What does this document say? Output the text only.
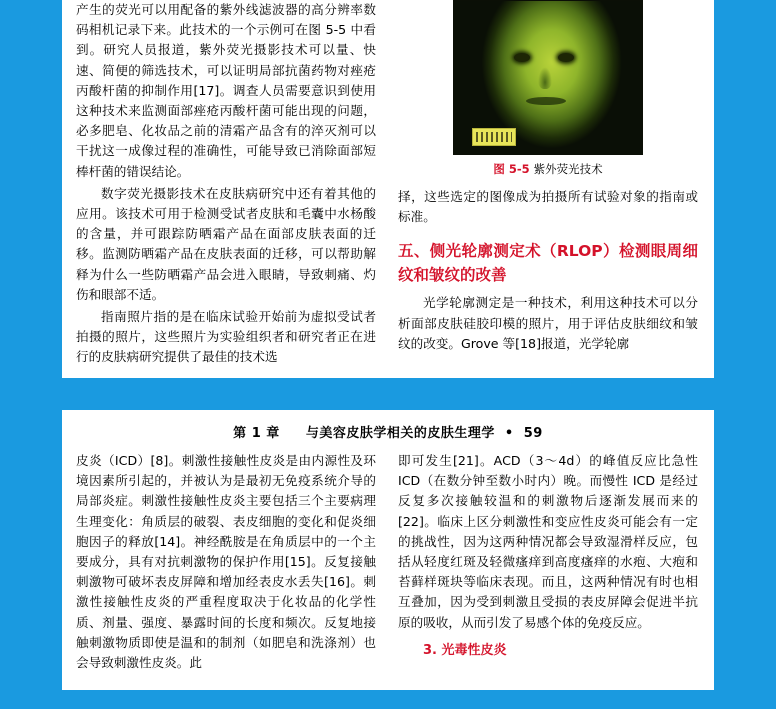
产生的荧光可以用配备的紫外线滤波器的高分辨率数码相机记录下来。此技术的一个示例可在图 5-5 中看到。研究人员报道，紫外荧光摄影技术可以量、快速、简便的筛选技术，可以证明局部抗菌药物对痤疮丙酸杆菌的抑制作用[17]。调查人员需要意识到使用这种技术来监测面部痤疮丙酸杆菌可能出现的问题，必多肥皂、化妆品之前的清霜产品含有的淬灭剂可以干扰这一成像过程的准确性，可能导致已消除面部短棒杆菌的错误结论。

数字荧光摄影技术在皮肤病研究中还有着其他的应用。该技术可用于检测受试者皮肤和毛囊中水杨酸的含量，并可跟踪防晒霜产品在面部皮肤表面的迁移。监测防晒霜产品在皮肤表面的迁移，可以帮助解释为什么一些防晒霜产品会进入眼睛，导致刺痛、灼伤和眼部不适。

指南照片指的是在临床试验开始前为虚拟受试者拍摄的照片，这些照片为实验组织者和研究者正在进行的皮肤病研究提供了最佳的技术选

图 5-5 紫外荧光技术

择，这些选定的图像成为拍摄所有试验对象的指南或标准。

五、侧光轮廓测定术（RLOP）检测眼周细纹和皱纹的改善

光学轮廓测定是一种技术，利用这种技术可以分析面部皮肤硅胶印模的照片，用于评估皮肤细纹和皱纹的改变。Grove 等[18]报道，光学轮廓

第 1 章 与美容皮肤学相关的皮肤生理学 • 59

皮炎（ICD）[8]。刺激性接触性皮炎是由内源性及环境因素所引起的，并被认为是最初无免疫系统介导的局部炎症。刺激性接触性皮炎主要包括三个主要病理生理变化：角质层的破裂、表皮细胞的变化和促炎细胞因子的释放[14]。神经酰胺是在角质层中的一个主要成分，具有对抗刺激物的保护作用[15]。反复接触刺激物可破坏表皮屏障和增加经表皮水丢失[16]。刺激性接触性皮炎的严重程度取决于化妆品的化学性质、剂量、强度、暴露时间的长度和频次。反复地接触刺激物质即使是温和的制剂（如肥皂和洗涤剂）也会导致刺激性皮炎。此

即可发生[21]。ACD（3～4d）的峰值反应比急性 ICD（在数分钟至数小时内）晚。而慢性 ICD 是经过反复多次接触较温和的刺激物后逐渐发展而来的[22]。临床上区分刺激性和变应性皮炎可能会有一定的挑战性，因为这两种情况都会导致湿滑样反应，包括从轻度红斑及轻微瘙痒到高度瘙痒的水疱、大疱和苔藓样斑块等临床表现。而且，这两种情况有时也相互叠加，因为受到刺激且受损的表皮屏障会促进半抗原的吸收，从而引发了易感个体的免疫反应。

3. 光毒性皮炎
